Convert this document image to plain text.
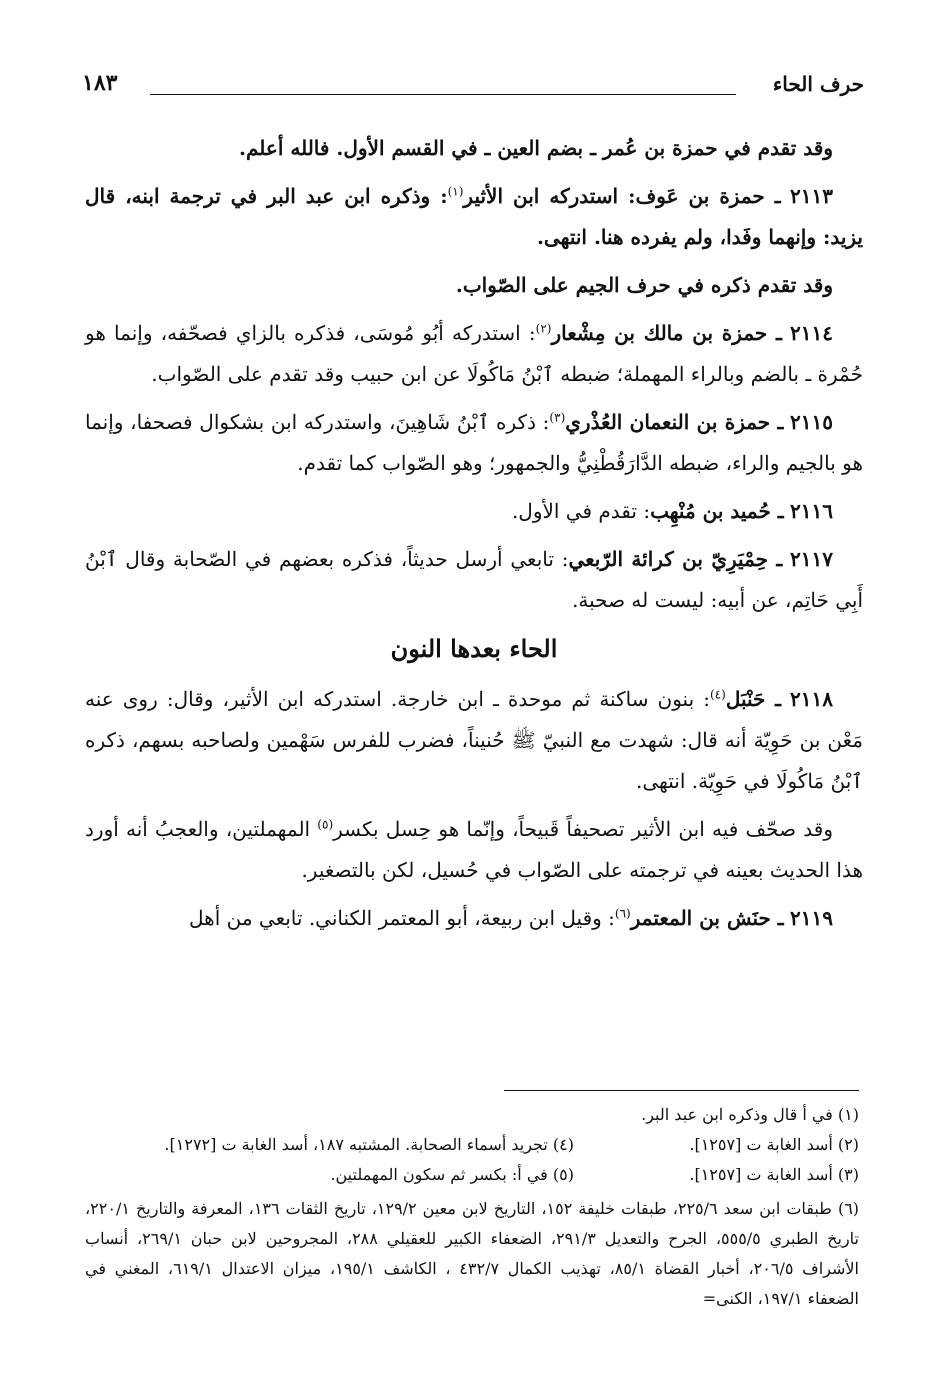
حرف الحاء
١٨٣

وقد تقدم في حمزة بن عُمر ـ بضم العين ـ في القسم الأول. فالله أعلم.

٢١١٣ ـ حمزة بن عَوف: استدركه ابن الأثير$^{(١)}$: وذكره ابن عبد البر في ترجمة ابنه، قال يزيد: وإنهما وفَدا، ولم يفرده هنا. انتهى.

وقد تقدم ذكره في حرف الجيم على الصّواب.

٢١١٤ ـ حمزة بن مالك بن مِشْعار$^{(٢)}$: استدركه أبُو مُوسَى، فذكره بالزاي فصحّفه، وإنما هو حُمْرة ـ بالضم وبالراء المهملة؛ ضبطه ٱبْنُ مَاكُولَا عن ابن حبيب وقد تقدم على الصّواب.

٢١١٥ ـ حمزة بن النعمان العُذْري$^{(٣)}$: ذكره ٱبْنُ شَاهِينَ، واستدركه ابن بشكوال فصحفا، وإنما هو بالجيم والراء، ضبطه الدَّارَقُطْنِيُّ والجمهور؛ وهو الصّواب كما تقدم.

٢١١٦ ـ حُميد بن مُنْهِب: تقدم في الأول.

٢١١٧ ـ حِمْيَرِيّ بن كرائة الرّبعي: تابعي أرسل حديثاً، فذكره بعضهم في الصّحابة وقال ٱبْنُ أَبِي حَاتِم، عن أبيه: ليست له صحبة.

الحاء بعدها النون

٢١١٨ ـ حَنْبَل$^{(٤)}$: بنون ساكنة ثم موحدة ـ ابن خارجة. استدركه ابن الأثير، وقال: روى عنه مَعْن بن حَوِيّة أنه قال: شهدت مع النبيّ ﷺ حُنيناً، فضرب للفرس سَهْمين ولصاحبه بسهم، ذكره ٱبْنُ مَاكُولَا في حَوِيّة. انتهى.

وقد صحّف فيه ابن الأثير تصحيفاً قَبيحاً، وإنّما هو حِسل بكسر$^{(٥)}$ المهملتين، والعجبُ أنه أورد هذا الحديث بعينه في ترجمته على الصّواب في حُسيل، لكن بالتصغير.

٢١١٩ ـ حنَش بن المعتمر$^{(٦)}$: وقيل ابن ربيعة، أبو المعتمر الكناني. تابعي من أهل

(١) في أ قال وذكره ابن عبد البر.
(٢) أسد الغابة ت [١٢٥٧].
(٤) تجريد أسماء الصحابة. المشتبه ١٨٧، أسد الغابة ت [١٢٧٢].
(٣) أسد الغابة ت [١٢٥٧].
(٥) في أ: بكسر ثم سكون المهملتين.
(٦) طبقات ابن سعد ٢٢٥/٦، طبقات خليفة ١٥٢، التاريخ لابن معين ١٢٩/٢، تاريخ الثقات ١٣٦، المعرفة والتاريخ ٢٢٠/١، تاريخ الطبري ٥٥٥/٥، الجرح والتعديل ٢٩١/٣، الضعفاء الكبير للعقيلي ٢٨٨، المجروحين لابن حبان ٢٦٩/١، أنساب الأشراف ٢٠٦/٥، أخبار القضاة ٨٥/١، تهذيب الكمال ٤٣٢/٧ ، الكاشف ١٩٥/١، ميزان الاعتدال ٦١٩/١، المغني في الضعفاء ١٩٧/١، الكنى=
